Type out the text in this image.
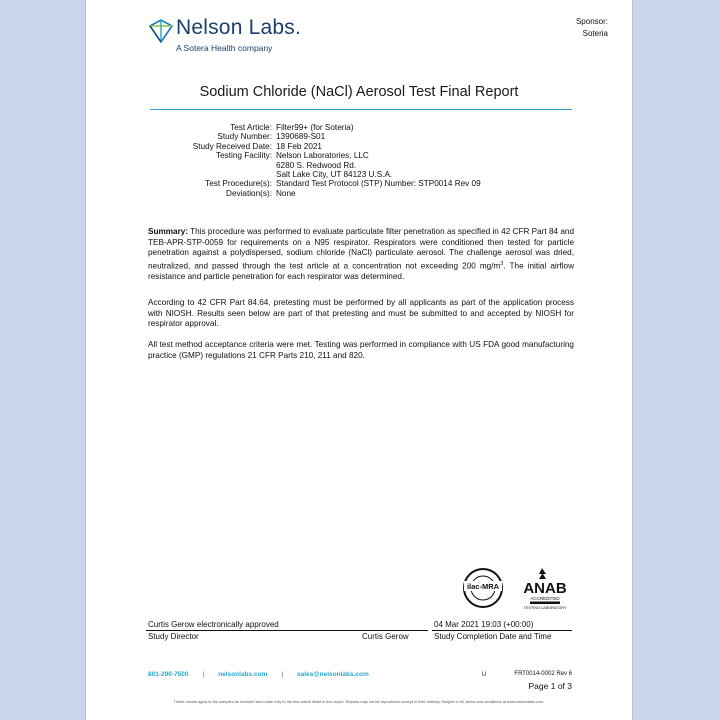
Nelson Labs.
A Sotera Health company
Sponsor:
Soteria
Sodium Chloride (NaCl) Aerosol Test Final Report
Test Article: Filter99+ (for Soteria)
Study Number: 1390689-S01
Study Received Date: 18 Feb 2021
Testing Facility: Nelson Laboratories, LLC
6280 S. Redwood Rd.
Salt Lake City, UT 84123 U.S.A.
Test Procedure(s): Standard Test Protocol (STP) Number: STP0014 Rev 09
Deviation(s): None
Summary: This procedure was performed to evaluate particulate filter penetration as specified in 42 CFR Part 84 and TEB-APR-STP-0059 for requirements on a N95 respirator. Respirators were conditioned then tested for particle penetration against a polydispersed, sodium chloride (NaCl) particulate aerosol. The challenge aerosol was dried, neutralized, and passed through the test article at a concentration not exceeding 200 $mg/m^3$. The initial airflow resistance and particle penetration for each respirator was determined.
According to 42 CFR Part 84.64, pretesting must be performed by all applicants as part of the application process with NIOSH. Results seen below are part of that pretesting and must be submitted to and accepted by NIOSH for respirator approval.
All test method acceptance criteria were met. Testing was performed in compliance with US FDA good manufacturing practice (GMP) regulations 21 CFR Parts 210, 211 and 820.
ilac-MRA ANAB
ACCREDITED
TESTING LABORATORY
Curtis Gerow electronically approved
Study Director	Curtis Gerow
04 Mar 2021 19:03 (+00:00)
Study Completion Date and Time
801-290-7500 | nelsonlabs.com | sales@nelsonlabs.com	U	FRT0014-0002 Rev 6
Page 1 of 3
These results apply to the samples as received and relate only to the test article listed in this report. Reports may not be reproduced except in their entirety. Subject to NL terms and conditions at www.nelsonlabs.com.
